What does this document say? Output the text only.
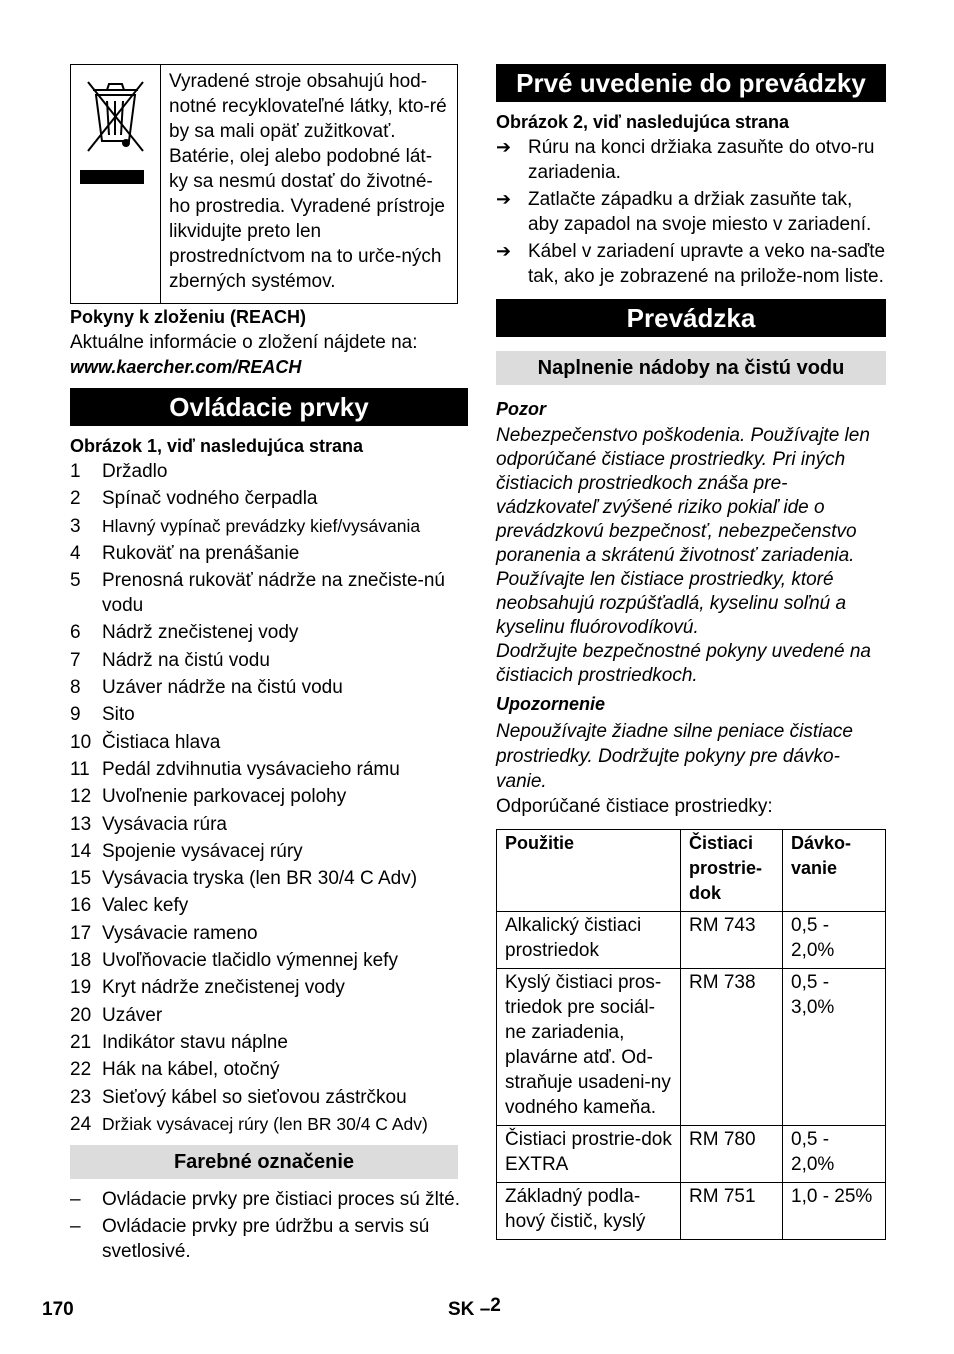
Vyradené stroje obsahujú hod-notné recyklovateľné látky, kto-ré by sa mali opäť zužitkovať. Batérie, olej alebo podobné lát-ky sa nesmú dostať do životné-ho prostredia. Vyradené prístroje likvidujte preto len prostredníctvom na to urče-ných zberných systémov.
Pokyny k zloženiu (REACH)
Aktuálne informácie o zložení nájdete na:
www.kaercher.com/REACH
Ovládacie prvky
Obrázok 1, viď nasledujúca strana
1	Držadlo
2	Spínač vodného čerpadla
3	Hlavný vypínač prevádzky kief/vysávania
4	Rukoväť na prenášanie
5	Prenosná rukoväť nádrže na znečiste-nú vodu
6	Nádrž znečistenej vody
7	Nádrž na čistú vodu
8	Uzáver nádrže na čistú vodu
9	Sito
10 Čistiaca hlava
11 Pedál zdvihnutia vysávacieho rámu
12 Uvoľnenie parkovacej polohy
13 Vysávacia rúra
14 Spojenie vysávacej rúry
15 Vysávacia tryska (len BR 30/4 C Adv)
16 Valec kefy
17 Vysávacie rameno
18 Uvoľňovacie tlačidlo výmennej kefy
19 Kryt nádrže znečistenej vody
20 Uzáver
21 Indikátor stavu náplne
22 Hák na kábel, otočný
23 Sieťový kábel so sieťovou zástrčkou
24 Držiak vysávacej rúry (len BR 30/4 C Adv)
Farebné označenie
–	Ovládacie prvky pre čistiaci proces sú žlté.
–	Ovládacie prvky pre údržbu a servis sú svetlosivé.
Prvé uvedenie do prevádzky
Obrázok 2, viď nasledujúca strana
➔ Rúru na konci držiaka zasuňte do otvo-ru zariadenia.
➔ Zatlačte západku a držiak zasuňte tak, aby zapadol na svoje miesto v zariadení.
➔ Kábel v zariadení upravte a veko na-saďte tak, ako je zobrazené na prilože-nom liste.
Prevádzka
Naplnenie nádoby na čistú vodu
Pozor
Nebezpečenstvo poškodenia. Používajte len odporúčané čistiace prostriedky. Pri iných čistiacich prostriedkoch znáša pre-vádzkovateľ zvýšené riziko pokiaľ ide o prevádzkovú bezpečnosť, nebezpečenstvo poranenia a skrátenú životnosť zariadenia. Používajte len čistiace prostriedky, ktoré neobsahujú rozpúšťadlá, kyselinu soľnú a kyselinu fluórovodíkovú.
Dodržujte bezpečnostné pokyny uvedené na čistiacich prostriedkoch.
Upozornenie
Nepoužívajte žiadne silne peniace čistiace prostriedky. Dodržujte pokyny pre dávko-vanie.
Odporúčané čistiace prostriedky:
Použitie	Čistiaci prostrie-dok	Dávko-vanie
Alkalický čistiaci prostriedok	RM 743	0,5 - 2,0%
Kyslý čistiaci pros-triedok pre sociál-ne zariadenia, plavárne atď. Od-straňuje usadeni-ny vodného kameňa.	RM 738	0,5 - 3,0%
Čistiaci prostrie-dok EXTRA	RM 780	0,5 - 2,0%
Základný podla-hový čistič, kyslý	RM 751	1,0 - 25%
170	SK –2
